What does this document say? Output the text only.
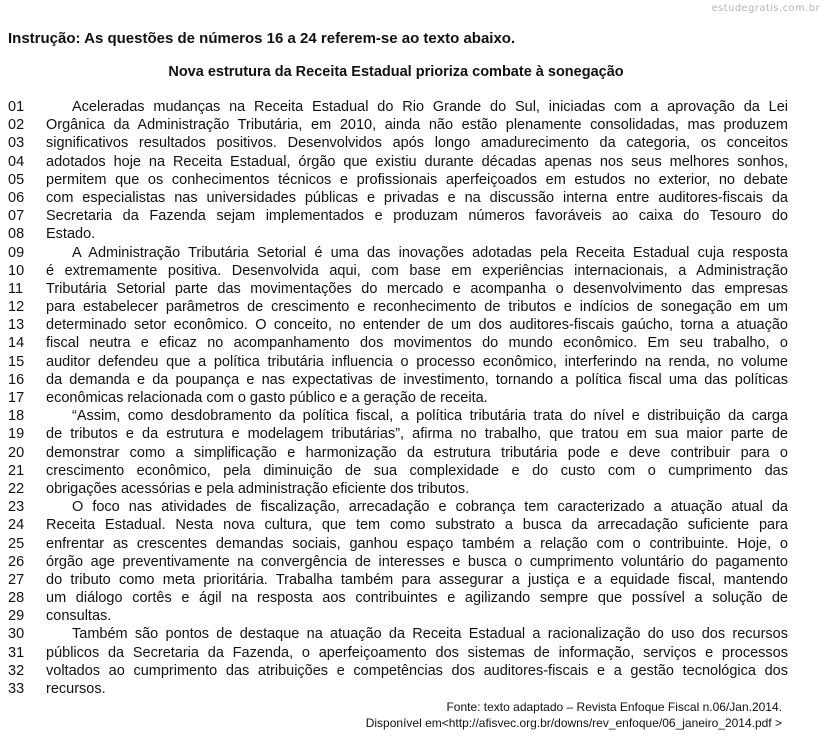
estudegratis.com.br

Instrução: As questões de números 16 a 24 referem-se ao texto abaixo.

Nova estrutura da Receita Estadual prioriza combate à sonegação

01	Aceleradas mudanças na Receita Estadual do Rio Grande do Sul, iniciadas com a aprovação da Lei
02	Orgânica da Administração Tributária, em 2010, ainda não estão plenamente consolidadas, mas produzem
03	significativos resultados positivos. Desenvolvidos após longo amadurecimento da categoria, os conceitos
04	adotados hoje na Receita Estadual, órgão que existiu durante décadas apenas nos seus melhores sonhos,
05	permitem que os conhecimentos técnicos e profissionais aperfeiçoados em estudos no exterior, no debate
06	com especialistas nas universidades públicas e privadas e na discussão interna entre auditores-fiscais da
07	Secretaria da Fazenda sejam implementados e produzam números favoráveis ao caixa do Tesouro do
08	Estado.
09	A Administração Tributária Setorial é uma das inovações adotadas pela Receita Estadual cuja resposta
10	é extremamente positiva. Desenvolvida aqui, com base em experiências internacionais, a Administração
11	Tributária Setorial parte das movimentações do mercado e acompanha o desenvolvimento das empresas
12	para estabelecer parâmetros de crescimento e reconhecimento de tributos e indícios de sonegação em um
13	determinado setor econômico. O conceito, no entender de um dos auditores-fiscais gaúcho, torna a atuação
14	fiscal neutra e eficaz no acompanhamento dos movimentos do mundo econômico. Em seu trabalho, o
15	auditor defendeu que a política tributária influencia o processo econômico, interferindo na renda, no volume
16	da demanda e da poupança e nas expectativas de investimento, tornando a política fiscal uma das políticas
17	econômicas relacionada com o gasto público e a geração de receita.
18	“Assim, como desdobramento da política fiscal, a política tributária trata do nível e distribuição da carga
19	de tributos e da estrutura e modelagem tributárias”, afirma no trabalho, que tratou em sua maior parte de
20	demonstrar como a simplificação e harmonização da estrutura tributária pode e deve contribuir para o
21	crescimento econômico, pela diminuição de sua complexidade e do custo com o cumprimento das
22	obrigações acessórias e pela administração eficiente dos tributos.
23	O foco nas atividades de fiscalização, arrecadação e cobrança tem caracterizado a atuação atual da
24	Receita Estadual. Nesta nova cultura, que tem como substrato a busca da arrecadação suficiente para
25	enfrentar as crescentes demandas sociais, ganhou espaço também a relação com o contribuinte. Hoje, o
26	órgão age preventivamente na convergência de interesses e busca o cumprimento voluntário do pagamento
27	do tributo como meta prioritária. Trabalha também para assegurar a justiça e a equidade fiscal, mantendo
28	um diálogo cortês e ágil na resposta aos contribuintes e agilizando sempre que possível a solução de
29	consultas.
30	Também são pontos de destaque na atuação da Receita Estadual a racionalização do uso dos recursos
31	públicos da Secretaria da Fazenda, o aperfeiçoamento dos sistemas de informação, serviços e processos
32	voltados ao cumprimento das atribuições e competências dos auditores-fiscais e a gestão tecnológica dos
33	recursos.
Fonte: texto adaptado – Revista Enfoque Fiscal n.06/Jan.2014.
Disponível em<http://afisvec.org.br/downs/rev_enfoque/06_janeiro_2014.pdf >
